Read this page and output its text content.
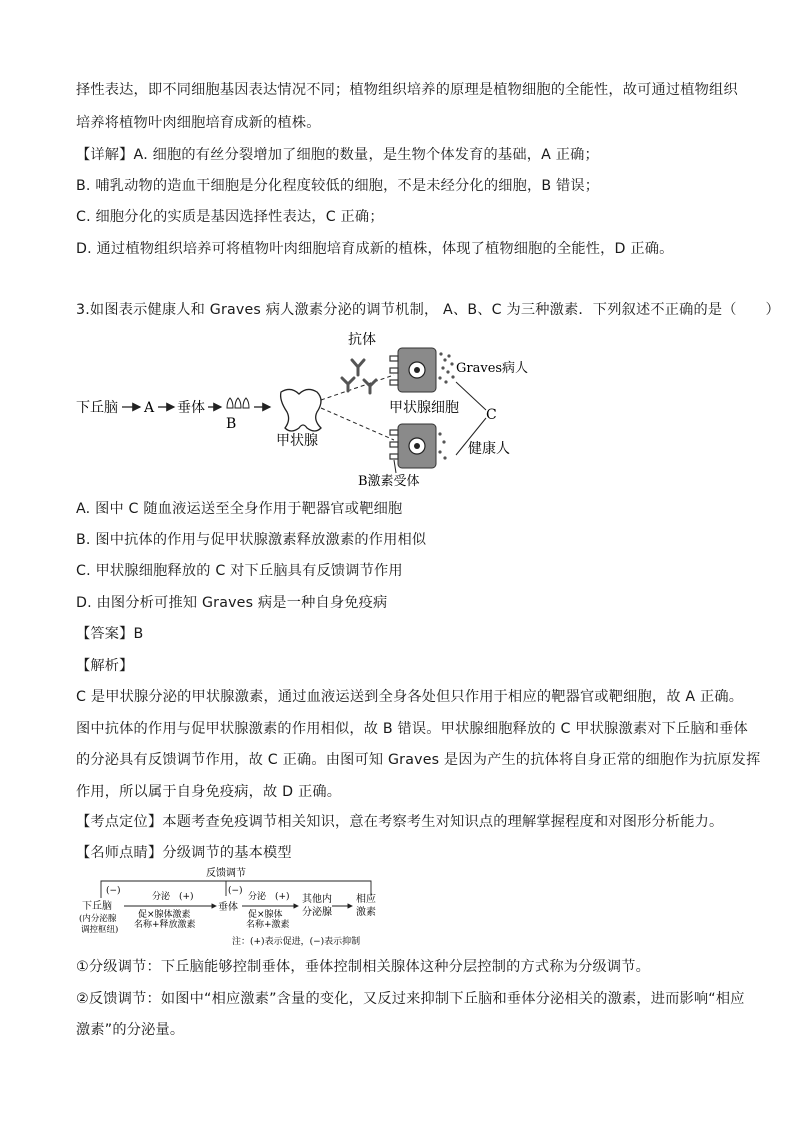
择性表达，即不同细胞基因表达情况不同；植物组织培养的原理是植物细胞的全能性，故可通过植物组织
培养将植物叶肉细胞培育成新的植株。
【详解】A. 细胞的有丝分裂增加了细胞的数量，是生物个体发育的基础，A 正确；
B. 哺乳动物的造血干细胞是分化程度较低的细胞，不是未经分化的细胞，B 错误；
C. 细胞分化的实质是基因选择性表达，C 正确；
D. 通过植物组织培养可将植物叶肉细胞培育成新的植株，体现了植物细胞的全能性，D 正确。
3.如图表示健康人和 Graves 病人激素分泌的调节机制， A、B、C 为三种激素．下列叙述不正确的是（　　）
下丘脑 A 垂体
B
甲状腺
抗体
Graves病人
甲状腺细胞 C
健康人
B激素受体
A. 图中 C 随血液运送至全身作用于靶器官或靶细胞
B. 图中抗体的作用与促甲状腺激素释放激素的作用相似
C. 甲状腺细胞释放的 C 对下丘脑具有反馈调节作用
D. 由图分析可推知 Graves 病是一种自身免疫病
【答案】B
【解析】
C 是甲状腺分泌的甲状腺激素，通过血液运送到全身各处但只作用于相应的靶器官或靶细胞，故 A 正确。
图中抗体的作用与促甲状腺激素的作用相似，故 B 错误。甲状腺细胞释放的 C 甲状腺激素对下丘脑和垂体
的分泌具有反馈调节作用，故 C 正确。由图可知 Graves 是因为产生的抗体将自身正常的细胞作为抗原发挥
作用，所以属于自身免疫病，故 D 正确。
【考点定位】本题考查免疫调节相关知识，意在考察考生对知识点的理解掌握程度和对图形分析能力。
【名师点睛】分级调节的基本模型
反馈调节
(−)	(−)
下丘脑
(内分泌腺
调控枢纽)
分泌　(+)
促×腺体激素
名称+释放激素
垂体
分泌　(+)
促×腺体
名称+激素
其他内
分泌腺
相应
激素
注：(+)表示促进，(−)表示抑制
①分级调节：下丘脑能够控制垂体，垂体控制相关腺体这种分层控制的方式称为分级调节。
②反馈调节：如图中“相应激素”含量的变化，又反过来抑制下丘脑和垂体分泌相关的激素，进而影响“相应
激素”的分泌量。
